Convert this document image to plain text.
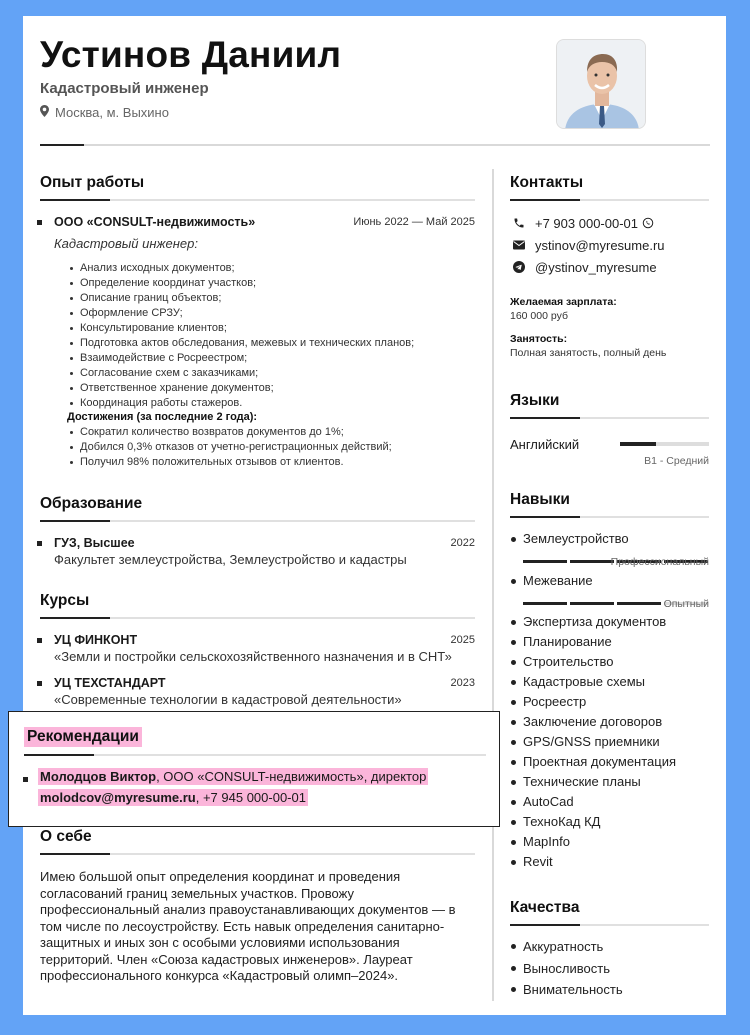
Устинов Даниил
Кадастровый инженер
Москва, м. Выхино
Опыт работы
ООО «CONSULT-недвижимость»	Июнь 2022 — Май 2025
Кадастровый инженер:
Анализ исходных документов;
Определение координат участков;
Описание границ объектов;
Оформление СРЗУ;
Консультирование клиентов;
Подготовка актов обследования, межевых и технических планов;
Взаимодействие с Росреестром;
Согласование схем с заказчиками;
Ответственное хранение документов;
Координация работы стажеров.
Достижения (за последние 2 года):
Сократил количество возвратов документов до 1%;
Добился 0,3% отказов от учетно-регистрационных действий;
Получил 98% положительных отзывов от клиентов.
Образование
ГУЗ, Высшее	2022
Факультет землеустройства, Землеустройство и кадастры
Курсы
УЦ ФИНКОНТ	2025
«Земли и постройки сельскохозяйственного назначения и в СНТ»
УЦ ТЕХСТАНДАРТ	2023
«Современные технологии в кадастровой деятельности»
Рекомендации
Молодцов Виктор, ООО «CONSULT-недвижимость», директор
molodcov@myresume.ru, +7 945 000-00-01
О себе
Имею большой опыт определения координат и проведения
согласований границ земельных участков. Провожу
профессиональный анализ правоустанавливающих документов — в
том числе по лесоустройству. Есть навык определения санитарно-
защитных и иных зон с особыми условиями использования
территорий. Член «Союза кадастровых инженеров». Лауреат
профессионального конкурса «Кадастровый олимп–2024».
Контакты
+7 903 000-00-01
ystinov@myresume.ru
@ystinov_myresume
Желаемая зарплата:
160 000 руб
Занятость:
Полная занятость, полный день
Языки
Английский
B1 - Средний
Навыки
Землеустройство
Профессиональный
Межевание
Опытный
Экспертиза документов
Планирование
Строительство
Кадастровые схемы
Росреестр
Заключение договоров
GPS/GNSS приемники
Проектная документация
Технические планы
AutoCad
ТехноКад КД
MapInfo
Revit
Качества
Аккуратность
Выносливость
Внимательность
